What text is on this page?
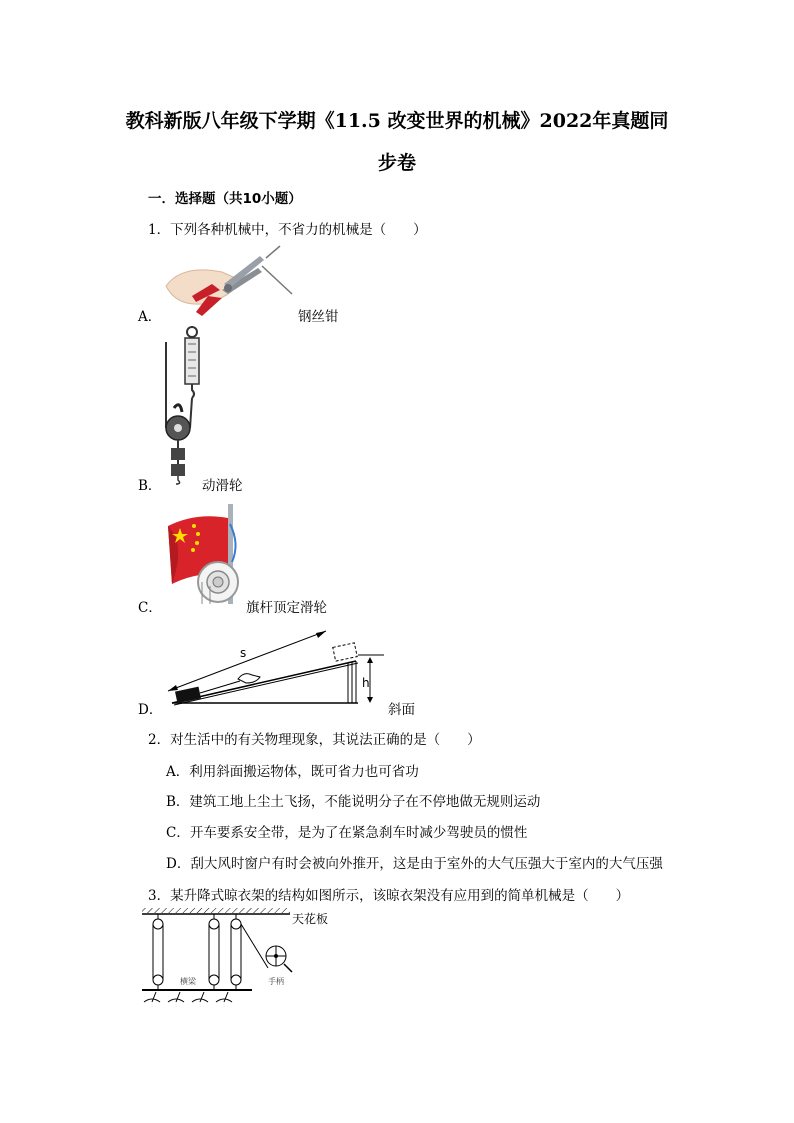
教科新版八年级下学期《11.5 改变世界的机械》2022年真题同
步卷
一．选择题（共10小题）
1．下列各种机械中，不省力的机械是（　　）
A．	钢丝钳
B．	动滑轮
C．	旗杆顶定滑轮
D．
s
h
斜面
2．对生活中的有关物理现象，其说法正确的是（　　）
A．利用斜面搬运物体，既可省力也可省功
B．建筑工地上尘土飞扬，不能说明分子在不停地做无规则运动
C．开车要系安全带，是为了在紧急刹车时减少驾驶员的惯性
D．刮大风时窗户有时会被向外推开，这是由于室外的大气压强大于室内的大气压强
3．某升降式晾衣架的结构如图所示，该晾衣架没有应用到的简单机械是（　　）
天花板
横梁	手柄
